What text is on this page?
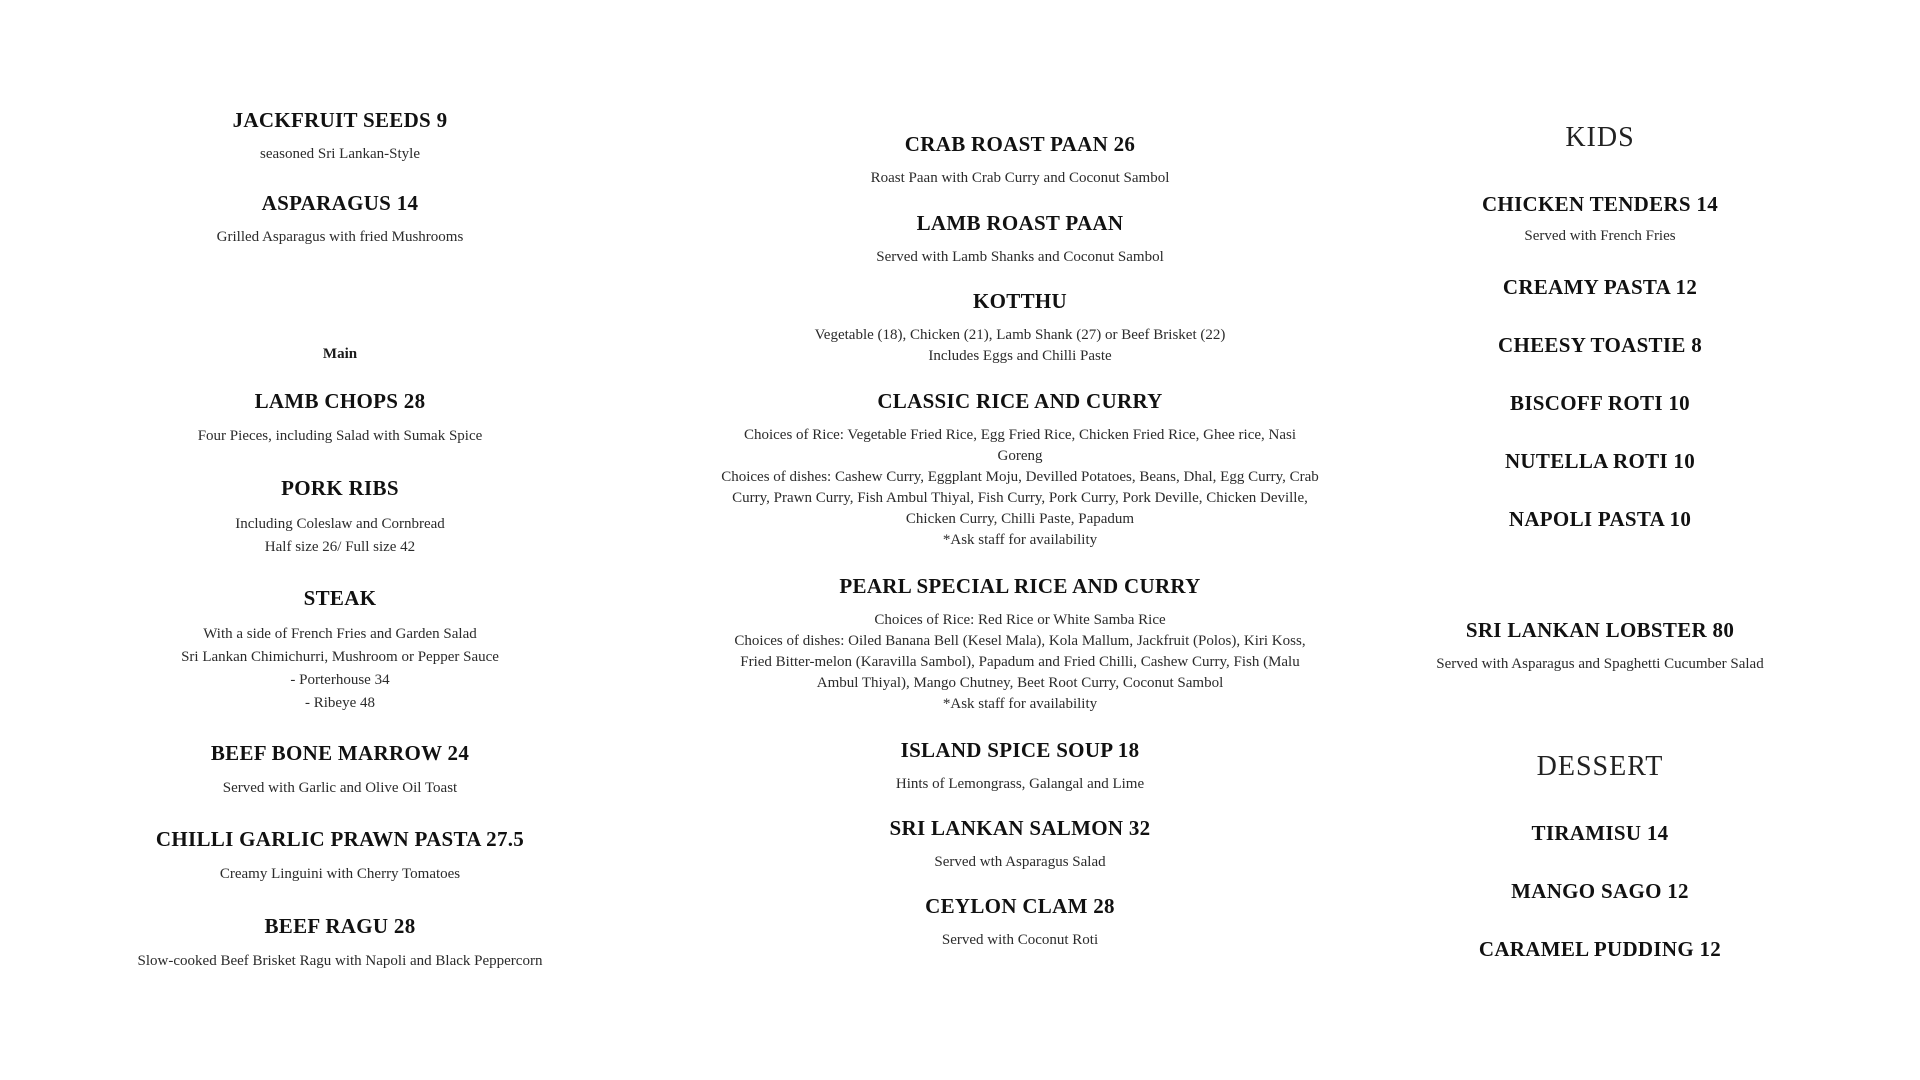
JACKFRUIT SEEDS 9

seasoned Sri Lankan-Style

ASPARAGUS 14

Grilled Asparagus with fried Mushrooms

Main

LAMB CHOPS 28

Four Pieces, including Salad with Sumak Spice

PORK RIBS

Including Coleslaw and Cornbread
Half size 26/ Full size 42

STEAK

With a side of French Fries and Garden Salad
Sri Lankan Chimichurri, Mushroom or Pepper Sauce
- Porterhouse 34
- Ribeye 48

BEEF BONE MARROW 24

Served with Garlic and Olive Oil Toast

CHILLI GARLIC PRAWN PASTA 27.5

Creamy Linguini with Cherry Tomatoes

BEEF RAGU 28

Slow-cooked Beef Brisket Ragu with Napoli and Black Peppercorn

CRAB ROAST PAAN 26

Roast Paan with Crab Curry and Coconut Sambol

LAMB ROAST PAAN

Served with Lamb Shanks and Coconut Sambol

KOTTHU

Vegetable (18), Chicken (21), Lamb Shank (27) or Beef Brisket (22)
Includes Eggs and Chilli Paste

CLASSIC RICE AND CURRY

Choices of Rice: Vegetable Fried Rice, Egg Fried Rice, Chicken Fried Rice, Ghee rice, Nasi Goreng
Choices of dishes: Cashew Curry, Eggplant Moju, Devilled Potatoes, Beans, Dhal, Egg Curry, Crab Curry, Prawn Curry, Fish Ambul Thiyal, Fish Curry, Pork Curry, Pork Deville, Chicken Deville, Chicken Curry, Chilli Paste, Papadum
*Ask staff for availability

PEARL SPECIAL RICE AND CURRY

Choices of Rice: Red Rice or White Samba Rice
Choices of dishes: Oiled Banana Bell (Kesel Mala), Kola Mallum, Jackfruit (Polos), Kiri Koss, Fried Bitter-melon (Karavilla Sambol), Papadum and Fried Chilli, Cashew Curry, Fish (Malu Ambul Thiyal), Mango Chutney, Beet Root Curry, Coconut Sambol
*Ask staff for availability

ISLAND SPICE SOUP 18

Hints of Lemongrass, Galangal and Lime

SRI LANKAN SALMON 32

Served wth Asparagus Salad

CEYLON CLAM 28

Served with Coconut Roti

KIDS

CHICKEN TENDERS 14

Served with French Fries

CREAMY PASTA 12

CHEESY TOASTIE 8

BISCOFF ROTI 10

NUTELLA ROTI 10

NAPOLI PASTA 10

SRI LANKAN LOBSTER 80

Served with Asparagus and Spaghetti Cucumber Salad

DESSERT

TIRAMISU 14

MANGO SAGO 12

CARAMEL PUDDING 12
